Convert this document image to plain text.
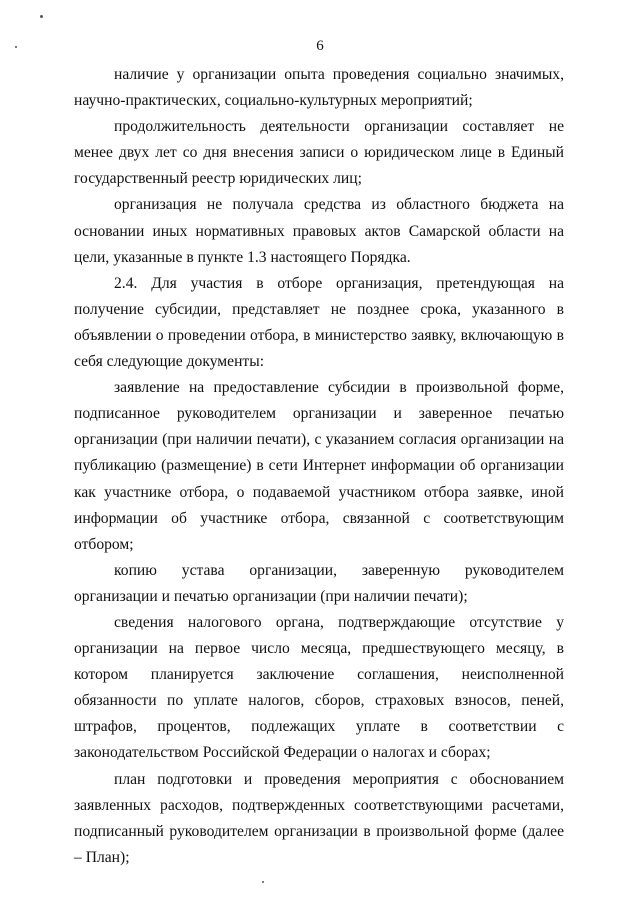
6

наличие у организации опыта проведения социально значимых, научно-практических, социально-культурных мероприятий;

продолжительность деятельности организации составляет не менее двух лет со дня внесения записи о юридическом лице в Единый государственный реестр юридических лиц;

организация не получала средства из областного бюджета на основании иных нормативных правовых актов Самарской области на цели, указанные в пункте 1.3 настоящего Порядка.

2.4. Для участия в отборе организация, претендующая на получение субсидии, представляет не позднее срока, указанного в объявлении о проведении отбора, в министерство заявку, включающую в себя следующие документы:

заявление на предоставление субсидии в произвольной форме, подписанное руководителем организации и заверенное печатью организации (при наличии печати), с указанием согласия организации на публикацию (размещение) в сети Интернет информации об организации как участнике отбора, о подаваемой участником отбора заявке, иной информации об участнике отбора, связанной с соответствующим отбором;

копию устава организации, заверенную руководителем организации и печатью организации (при наличии печати);

сведения налогового органа, подтверждающие отсутствие у организации на первое число месяца, предшествующего месяцу, в котором планируется заключение соглашения, неисполненной обязанности по уплате налогов, сборов, страховых взносов, пеней, штрафов, процентов, подлежащих уплате в соответствии с законодательством Российской Федерации о налогах и сборах;

план подготовки и проведения мероприятия с обоснованием заявленных расходов, подтвержденных соответствующими расчетами, подписанный руководителем организации в произвольной форме (далее – План);
